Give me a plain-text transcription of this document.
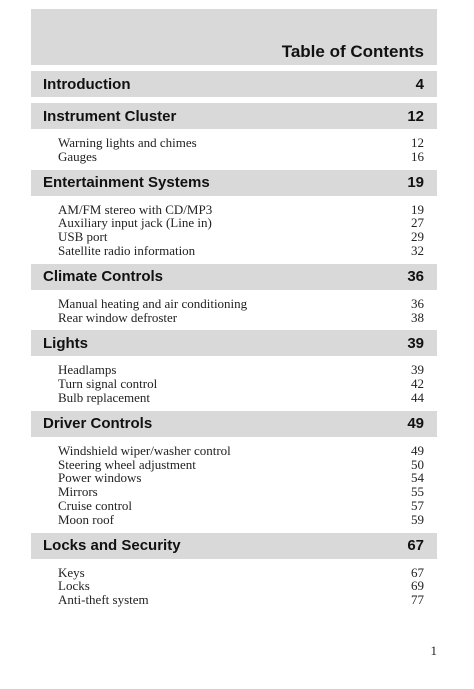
Table of Contents
Introduction	4
Instrument Cluster	12
Warning lights and chimes	12
Gauges	16
Entertainment Systems	19
AM/FM stereo with CD/MP3	19
Auxiliary input jack (Line in)	27
USB port	29
Satellite radio information	32
Climate Controls	36
Manual heating and air conditioning	36
Rear window defroster	38
Lights	39
Headlamps	39
Turn signal control	42
Bulb replacement	44
Driver Controls	49
Windshield wiper/washer control	49
Steering wheel adjustment	50
Power windows	54
Mirrors	55
Cruise control	57
Moon roof	59
Locks and Security	67
Keys	67
Locks	69
Anti-theft system	77
1
